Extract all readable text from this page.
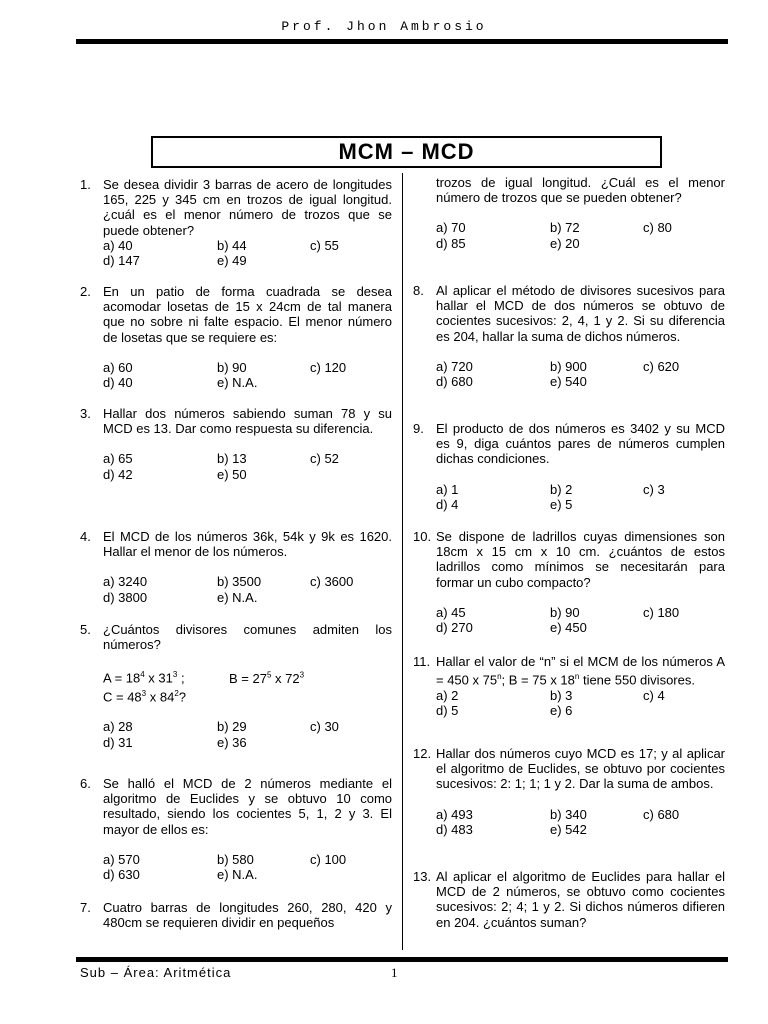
Prof. Jhon Ambrosio
MCM – MCD
1. Se desea dividir 3 barras de acero de longitudes 165, 225 y 345 cm en trozos de igual longitud. ¿cuál es el menor número de trozos que se puede obtener?
a) 40	b) 44	c) 55
d) 147	e) 49
2. En un patio de forma cuadrada se desea acomodar losetas de 15 x 24cm de tal manera que no sobre ni falte espacio. El menor número de losetas que se requiere es:
a) 60	b) 90	c) 120
d) 40	e) N.A.
3. Hallar dos números sabiendo suman 78 y su MCD es 13. Dar como respuesta su diferencia.
a) 65	b) 13	c) 52
d) 42	e) 50
4. El MCD de los números 36k, 54k y 9k es 1620. Hallar el menor de los números.
a) 3240	b) 3500	c) 3600
d) 3800	e) N.A.
5. ¿Cuántos divisores comunes admiten los números?
$A = 18^4$ x $31^3$ ;	$B = 27^5$ x $72^3$
$C = 48^3$ x $84^2$?
a) 28	b) 29	c) 30
d) 31	e) 36
6. Se halló el MCD de 2 números mediante el algoritmo de Euclides y se obtuvo 10 como resultado, siendo los cocientes 5, 1, 2 y 3. El mayor de ellos es:
a) 570	b) 580	c) 100
d) 630	e) N.A.
7. Cuatro barras de longitudes 260, 280, 420 y 480cm se requieren dividir en pequeños
trozos de igual longitud. ¿Cuál es el menor número de trozos que se pueden obtener?
a) 70	b) 72	c) 80
d) 85	e) 20
8. Al aplicar el método de divisores sucesivos para hallar el MCD de dos números se obtuvo de cocientes sucesivos: 2, 4, 1 y 2. Si su diferencia es 204, hallar la suma de dichos números.
a) 720	b) 900	c) 620
d) 680	e) 540
9. El producto de dos números es 3402 y su MCD es 9, diga cuántos pares de números cumplen dichas condiciones.
a) 1	b) 2	c) 3
d) 4	e) 5
10. Se dispone de ladrillos cuyas dimensiones son 18cm x 15 cm x 10 cm. ¿cuántos de estos ladrillos como mínimos se necesitarán para formar un cubo compacto?
a) 45	b) 90	c) 180
d) 270	e) 450
11. Hallar el valor de “n” si el MCM de los números A = 450 x 75$^n$; B = 75 x 18$^n$ tiene 550 divisores.
a) 2	b) 3	c) 4
d) 5	e) 6
12. Hallar dos números cuyo MCD es 17; y al aplicar el algoritmo de Euclides, se obtuvo por cocientes sucesivos: 2: 1; 1; 1 y 2. Dar la suma de ambos.
a) 493	b) 340	c) 680
d) 483	e) 542
13. Al aplicar el algoritmo de Euclides para hallar el MCD de 2 números, se obtuvo como cocientes sucesivos: 2; 4; 1 y 2. Si dichos números difieren en 204. ¿cuántos suman?
Sub – Área: Aritmética	1
